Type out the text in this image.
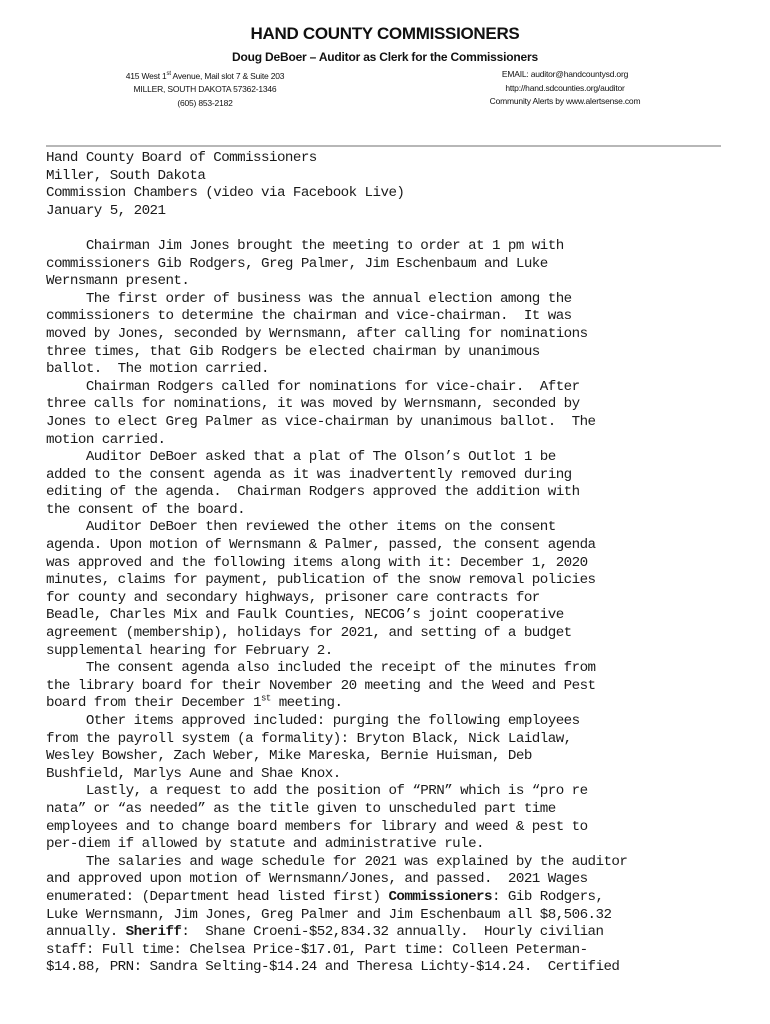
HAND COUNTY COMMISSIONERS
Doug DeBoer – Auditor as Clerk for the Commissioners
415 West 1st Avenue, Mail slot 7 & Suite 203
MILLER, SOUTH DAKOTA 57362-1346
(605) 853-2182
EMAIL: auditor@handcountysd.org
http://hand.sdcounties.org/auditor
Community Alerts by www.alertsense.com
Hand County Board of Commissioners
Miller, South Dakota
Commission Chambers (video via Facebook Live)
January 5, 2021
Chairman Jim Jones brought the meeting to order at 1 pm with
commissioners Gib Rodgers, Greg Palmer, Jim Eschenbaum and Luke
Wernsmann present.
The first order of business was the annual election among the
commissioners to determine the chairman and vice-chairman.  It was
moved by Jones, seconded by Wernsmann, after calling for nominations
three times, that Gib Rodgers be elected chairman by unanimous
ballot.  The motion carried.
Chairman Rodgers called for nominations for vice-chair.  After
three calls for nominations, it was moved by Wernsmann, seconded by
Jones to elect Greg Palmer as vice-chairman by unanimous ballot.  The
motion carried.
Auditor DeBoer asked that a plat of The Olson’s Outlot 1 be
added to the consent agenda as it was inadvertently removed during
editing of the agenda.  Chairman Rodgers approved the addition with
the consent of the board.
Auditor DeBoer then reviewed the other items on the consent
agenda. Upon motion of Wernsmann & Palmer, passed, the consent agenda
was approved and the following items along with it: December 1, 2020
minutes, claims for payment, publication of the snow removal policies
for county and secondary highways, prisoner care contracts for
Beadle, Charles Mix and Faulk Counties, NECOG’s joint cooperative
agreement (membership), holidays for 2021, and setting of a budget
supplemental hearing for February 2.
The consent agenda also included the receipt of the minutes from
the library board for their November 20 meeting and the Weed and Pest
board from their December 1st meeting.
Other items approved included: purging the following employees
from the payroll system (a formality): Bryton Black, Nick Laidlaw,
Wesley Bowsher, Zach Weber, Mike Mareska, Bernie Huisman, Deb
Bushfield, Marlys Aune and Shae Knox.
Lastly, a request to add the position of “PRN” which is “pro re
nata” or “as needed” as the title given to unscheduled part time
employees and to change board members for library and weed & pest to
per-diem if allowed by statute and administrative rule.
The salaries and wage schedule for 2021 was explained by the auditor
and approved upon motion of Wernsmann/Jones, and passed.  2021 Wages
enumerated: (Department head listed first) Commissioners: Gib Rodgers,
Luke Wernsmann, Jim Jones, Greg Palmer and Jim Eschenbaum all $8,506.32
annually. Sheriff:  Shane Croeni-$52,834.32 annually.  Hourly civilian
staff: Full time: Chelsea Price-$17.01, Part time: Colleen Peterman-
$14.88, PRN: Sandra Selting-$14.24 and Theresa Lichty-$14.24.  Certified
